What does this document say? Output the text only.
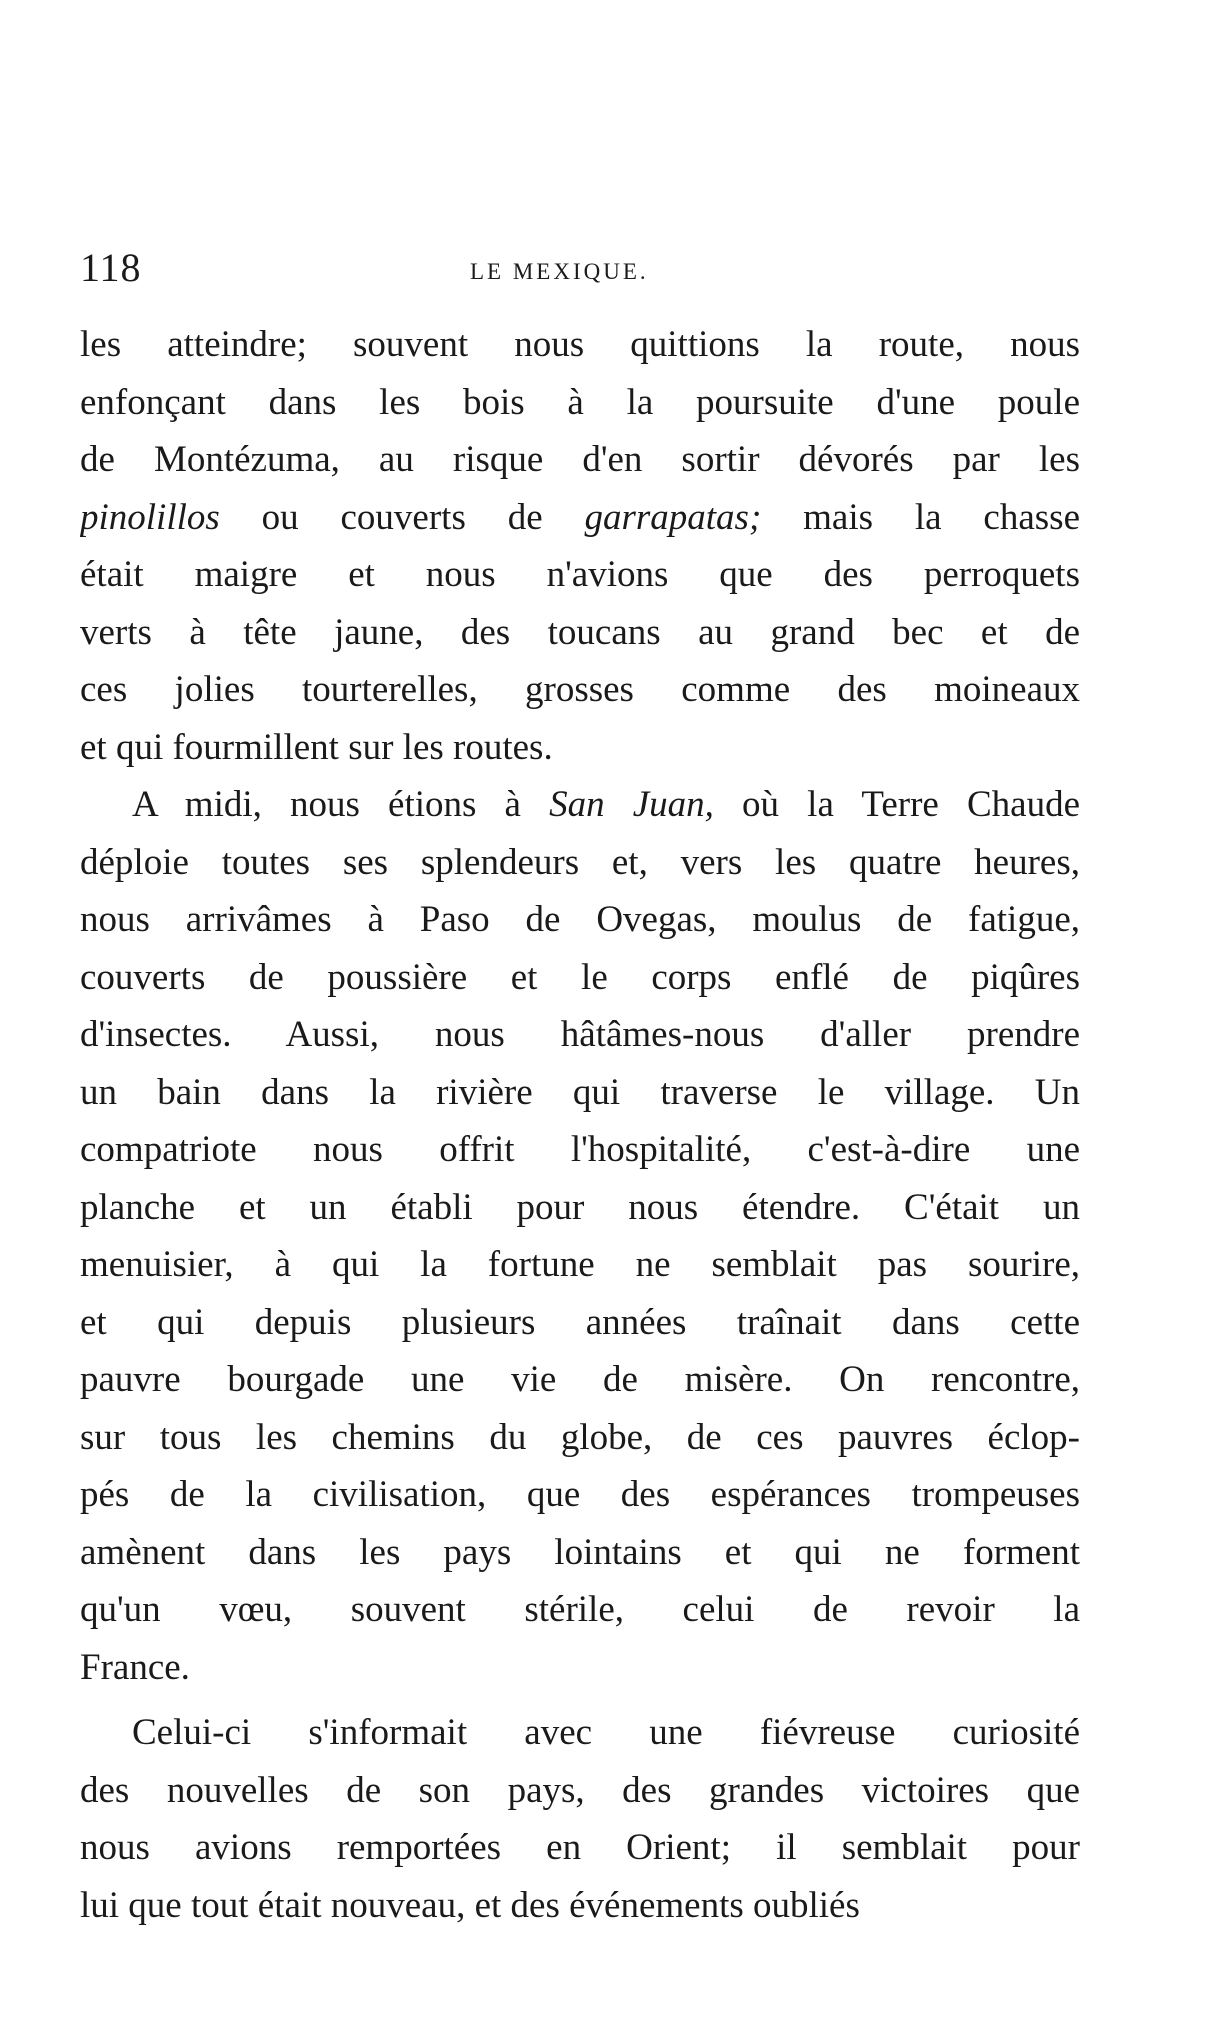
118	LE MEXIQUE.
les atteindre; souvent nous quittions la route, nous
enfonçant dans les bois à la poursuite d'une poule
de Montézuma, au risque d'en sortir dévorés par les
pinolillos ou couverts de garrapatas; mais la chasse
était maigre et nous n'avions que des perroquets
verts à tête jaune, des toucans au grand bec et de
ces jolies tourterelles, grosses comme des moineaux
et qui fourmillent sur les routes.
A midi, nous étions à San Juan, où la Terre Chaude
déploie toutes ses splendeurs et, vers les quatre heures,
nous arrivâmes à Paso de Ovegas, moulus de fatigue,
couverts de poussière et le corps enflé de piqûres
d'insectes. Aussi, nous hâtâmes-nous d'aller prendre
un bain dans la rivière qui traverse le village. Un
compatriote nous offrit l'hospitalité, c'est-à-dire une
planche et un établi pour nous étendre. C'était un
menuisier, à qui la fortune ne semblait pas sourire,
et qui depuis plusieurs années traînait dans cette
pauvre bourgade une vie de misère. On rencontre,
sur tous les chemins du globe, de ces pauvres éclop-
pés de la civilisation, que des espérances trompeuses
amènent dans les pays lointains et qui ne forment
qu'un vœu, souvent stérile, celui de revoir la
France.
Celui-ci s'informait avec une fiévreuse curiosité
des nouvelles de son pays, des grandes victoires que
nous avions remportées en Orient; il semblait pour
lui que tout était nouveau, et des événements oubliés
